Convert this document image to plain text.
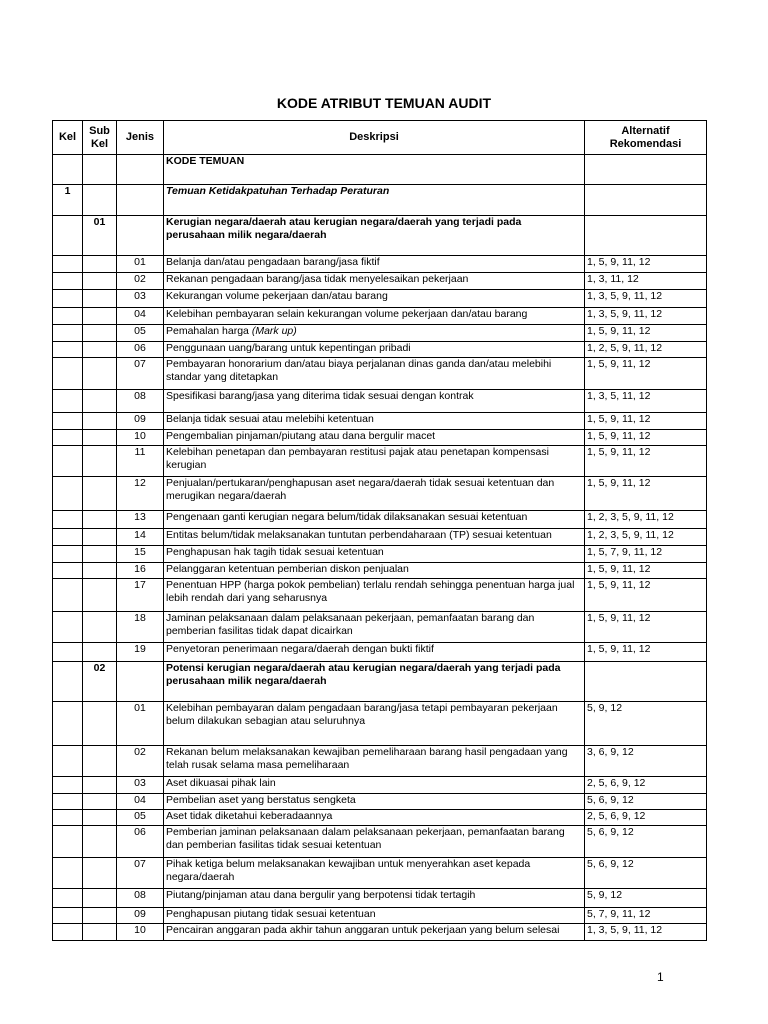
KODE ATRIBUT TEMUAN AUDIT
Kel	Sub Kel	Jenis	Deskripsi	Alternatif Rekomendasi
			KODE TEMUAN	
1			Temuan Ketidakpatuhan Terhadap Peraturan	
	01		Kerugian negara/daerah atau kerugian negara/daerah yang terjadi pada perusahaan milik negara/daerah	
		01	Belanja dan/atau pengadaan barang/jasa fiktif	1, 5, 9, 11, 12
		02	Rekanan pengadaan barang/jasa tidak menyelesaikan pekerjaan	1, 3, 11, 12
		03	Kekurangan volume pekerjaan dan/atau barang	1, 3, 5, 9, 11, 12
		04	Kelebihan pembayaran selain kekurangan volume pekerjaan dan/atau barang	1, 3, 5, 9, 11, 12
		05	Pemahalan harga (Mark up)	1, 5, 9, 11, 12
		06	Penggunaan uang/barang untuk kepentingan pribadi	1, 2, 5, 9, 11, 12
		07	Pembayaran honorarium dan/atau biaya perjalanan dinas ganda dan/atau melebihi standar yang ditetapkan	1, 5, 9, 11, 12
		08	Spesifikasi barang/jasa yang diterima tidak sesuai dengan kontrak	1, 3, 5, 11, 12
		09	Belanja tidak sesuai atau melebihi ketentuan	1, 5, 9, 11, 12
		10	Pengembalian pinjaman/piutang atau dana bergulir macet	1, 5, 9, 11, 12
		11	Kelebihan penetapan dan pembayaran restitusi pajak atau penetapan kompensasi kerugian	1, 5, 9, 11, 12
		12	Penjualan/pertukaran/penghapusan aset negara/daerah tidak sesuai ketentuan dan merugikan negara/daerah	1, 5, 9, 11, 12
		13	Pengenaan ganti kerugian negara belum/tidak dilaksanakan sesuai ketentuan	1, 2, 3, 5, 9, 11, 12
		14	Entitas belum/tidak melaksanakan tuntutan perbendaharaan (TP) sesuai ketentuan	1, 2, 3, 5, 9, 11, 12
		15	Penghapusan hak tagih tidak sesuai ketentuan	1, 5, 7, 9, 11, 12
		16	Pelanggaran ketentuan pemberian diskon penjualan	1, 5, 9, 11, 12
		17	Penentuan HPP (harga pokok pembelian) terlalu rendah sehingga penentuan harga jual lebih rendah dari yang seharusnya	1, 5, 9, 11, 12
		18	Jaminan pelaksanaan dalam pelaksanaan pekerjaan, pemanfaatan barang dan pemberian fasilitas tidak dapat dicairkan	1, 5, 9, 11, 12
		19	Penyetoran penerimaan negara/daerah dengan bukti fiktif	1, 5, 9, 11, 12
	02		Potensi kerugian negara/daerah atau kerugian negara/daerah yang terjadi pada perusahaan milik negara/daerah	
		01	Kelebihan pembayaran dalam pengadaan barang/jasa tetapi pembayaran pekerjaan belum dilakukan sebagian atau seluruhnya	5, 9, 12
		02	Rekanan belum melaksanakan kewajiban pemeliharaan barang hasil pengadaan yang telah rusak selama masa pemeliharaan	3, 6, 9, 12
		03	Aset dikuasai pihak lain	2, 5, 6, 9, 12
		04	Pembelian aset yang berstatus sengketa	5, 6, 9, 12
		05	Aset tidak diketahui keberadaannya	2, 5, 6, 9, 12
		06	Pemberian jaminan pelaksanaan dalam pelaksanaan pekerjaan, pemanfaatan barang dan pemberian fasilitas tidak sesuai ketentuan	5, 6, 9, 12
		07	Pihak ketiga belum melaksanakan kewajiban untuk menyerahkan aset kepada negara/daerah	5, 6, 9, 12
		08	Piutang/pinjaman atau dana bergulir yang berpotensi tidak tertagih	5, 9, 12
		09	Penghapusan piutang tidak sesuai ketentuan	5, 7, 9, 11, 12
		10	Pencairan anggaran pada akhir tahun anggaran untuk pekerjaan yang belum selesai	1, 3, 5, 9, 11, 12
1
